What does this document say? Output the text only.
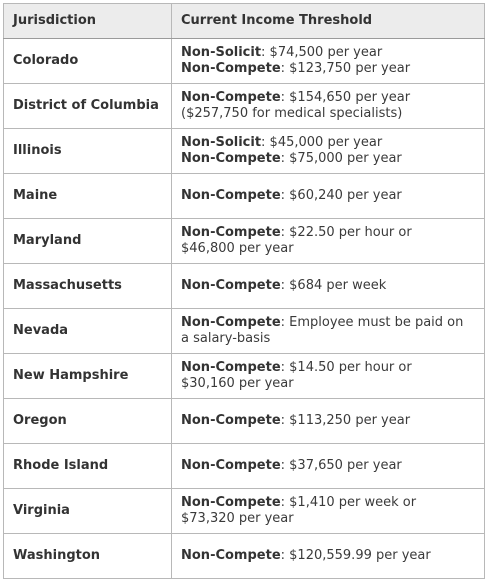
Jurisdiction	Current Income Threshold
Colorado	Non-Solicit: $74,500 per year
Non-Compete: $123,750 per year

District of Columbia	Non-Compete: $154,650 per year
($257,750 for medical specialists)

Illinois	Non-Solicit: $45,000 per year
Non-Compete: $75,000 per year

Maine	Non-Compete: $60,240 per year

Maryland	Non-Compete: $22.50 per hour or
$46,800 per year

Massachusetts	Non-Compete: $684 per week

Nevada	Non-Compete: Employee must be paid on
a salary-basis

New Hampshire	Non-Compete: $14.50 per hour or
$30,160 per year

Oregon	Non-Compete: $113,250 per year

Rhode Island	Non-Compete: $37,650 per year

Virginia	Non-Compete: $1,410 per week or
$73,320 per year

Washington	Non-Compete: $120,559.99 per year
